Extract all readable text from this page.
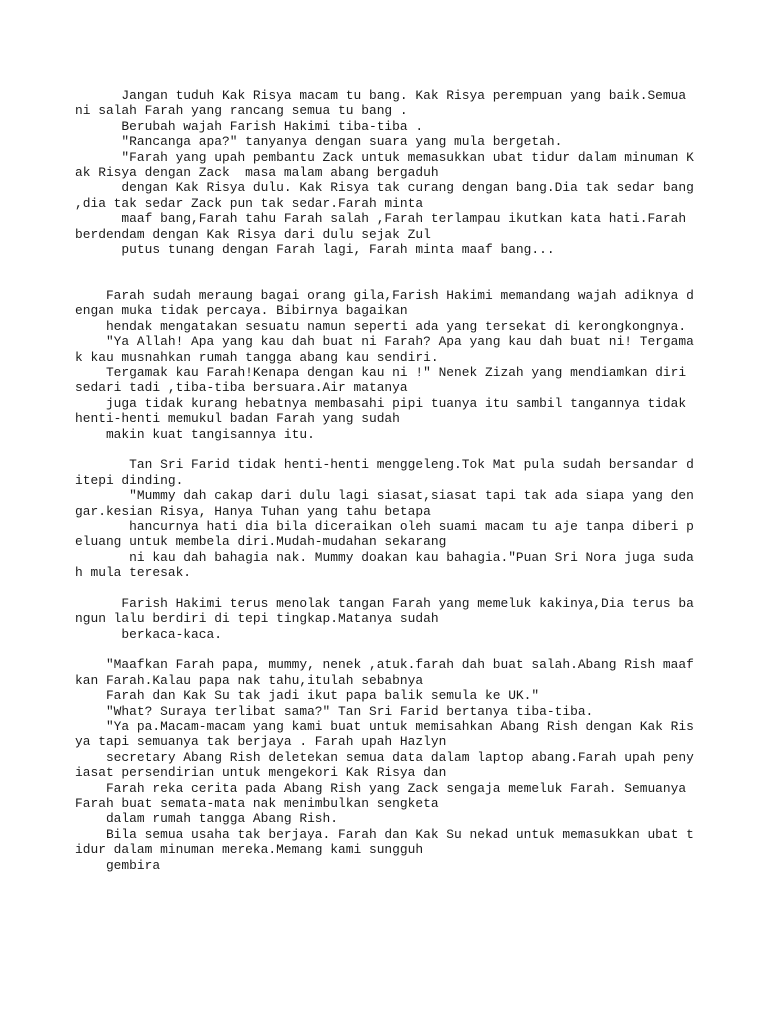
Jangan tuduh Kak Risya macam tu bang. Kak Risya perempuan yang baik.Semua
ni salah Farah yang rancang semua tu bang .
Berubah wajah Farish Hakimi tiba-tiba .
"Rancanga apa?" tanyanya dengan suara yang mula bergetah.
"Farah yang upah pembantu Zack untuk memasukkan ubat tidur dalam minuman K
ak Risya dengan Zack  masa malam abang bergaduh
dengan Kak Risya dulu. Kak Risya tak curang dengan bang.Dia tak sedar bang
,dia tak sedar Zack pun tak sedar.Farah minta
maaf bang,Farah tahu Farah salah ,Farah terlampau ikutkan kata hati.Farah
berdendam dengan Kak Risya dari dulu sejak Zul
putus tunang dengan Farah lagi, Farah minta maaf bang...
Farah sudah meraung bagai orang gila,Farish Hakimi memandang wajah adiknya d
engan muka tidak percaya. Bibirnya bagaikan
hendak mengatakan sesuatu namun seperti ada yang tersekat di kerongkongnya.
"Ya Allah! Apa yang kau dah buat ni Farah? Apa yang kau dah buat ni! Tergama
k kau musnahkan rumah tangga abang kau sendiri.
Tergamak kau Farah!Kenapa dengan kau ni !" Nenek Zizah yang mendiamkan diri
sedari tadi ,tiba-tiba bersuara.Air matanya
juga tidak kurang hebatnya membasahi pipi tuanya itu sambil tangannya tidak
henti-henti memukul badan Farah yang sudah
makin kuat tangisannya itu.
Tan Sri Farid tidak henti-henti menggeleng.Tok Mat pula sudah bersandar d
itepi dinding.
"Mummy dah cakap dari dulu lagi siasat,siasat tapi tak ada siapa yang den
gar.kesian Risya, Hanya Tuhan yang tahu betapa
hancurnya hati dia bila diceraikan oleh suami macam tu aje tanpa diberi p
eluang untuk membela diri.Mudah-mudahan sekarang
ni kau dah bahagia nak. Mummy doakan kau bahagia."Puan Sri Nora juga suda
h mula teresak.
Farish Hakimi terus menolak tangan Farah yang memeluk kakinya,Dia terus ba
ngun lalu berdiri di tepi tingkap.Matanya sudah
berkaca-kaca.
"Maafkan Farah papa, mummy, nenek ,atuk.farah dah buat salah.Abang Rish maaf
kan Farah.Kalau papa nak tahu,itulah sebabnya
Farah dan Kak Su tak jadi ikut papa balik semula ke UK."
"What? Suraya terlibat sama?" Tan Sri Farid bertanya tiba-tiba.
"Ya pa.Macam-macam yang kami buat untuk memisahkan Abang Rish dengan Kak Ris
ya tapi semuanya tak berjaya . Farah upah Hazlyn
secretary Abang Rish deletekan semua data dalam laptop abang.Farah upah peny
iasat persendirian untuk mengekori Kak Risya dan
Farah reka cerita pada Abang Rish yang Zack sengaja memeluk Farah. Semuanya
Farah buat semata-mata nak menimbulkan sengketa
dalam rumah tangga Abang Rish.
Bila semua usaha tak berjaya. Farah dan Kak Su nekad untuk memasukkan ubat t
idur dalam minuman mereka.Memang kami sungguh
gembira
